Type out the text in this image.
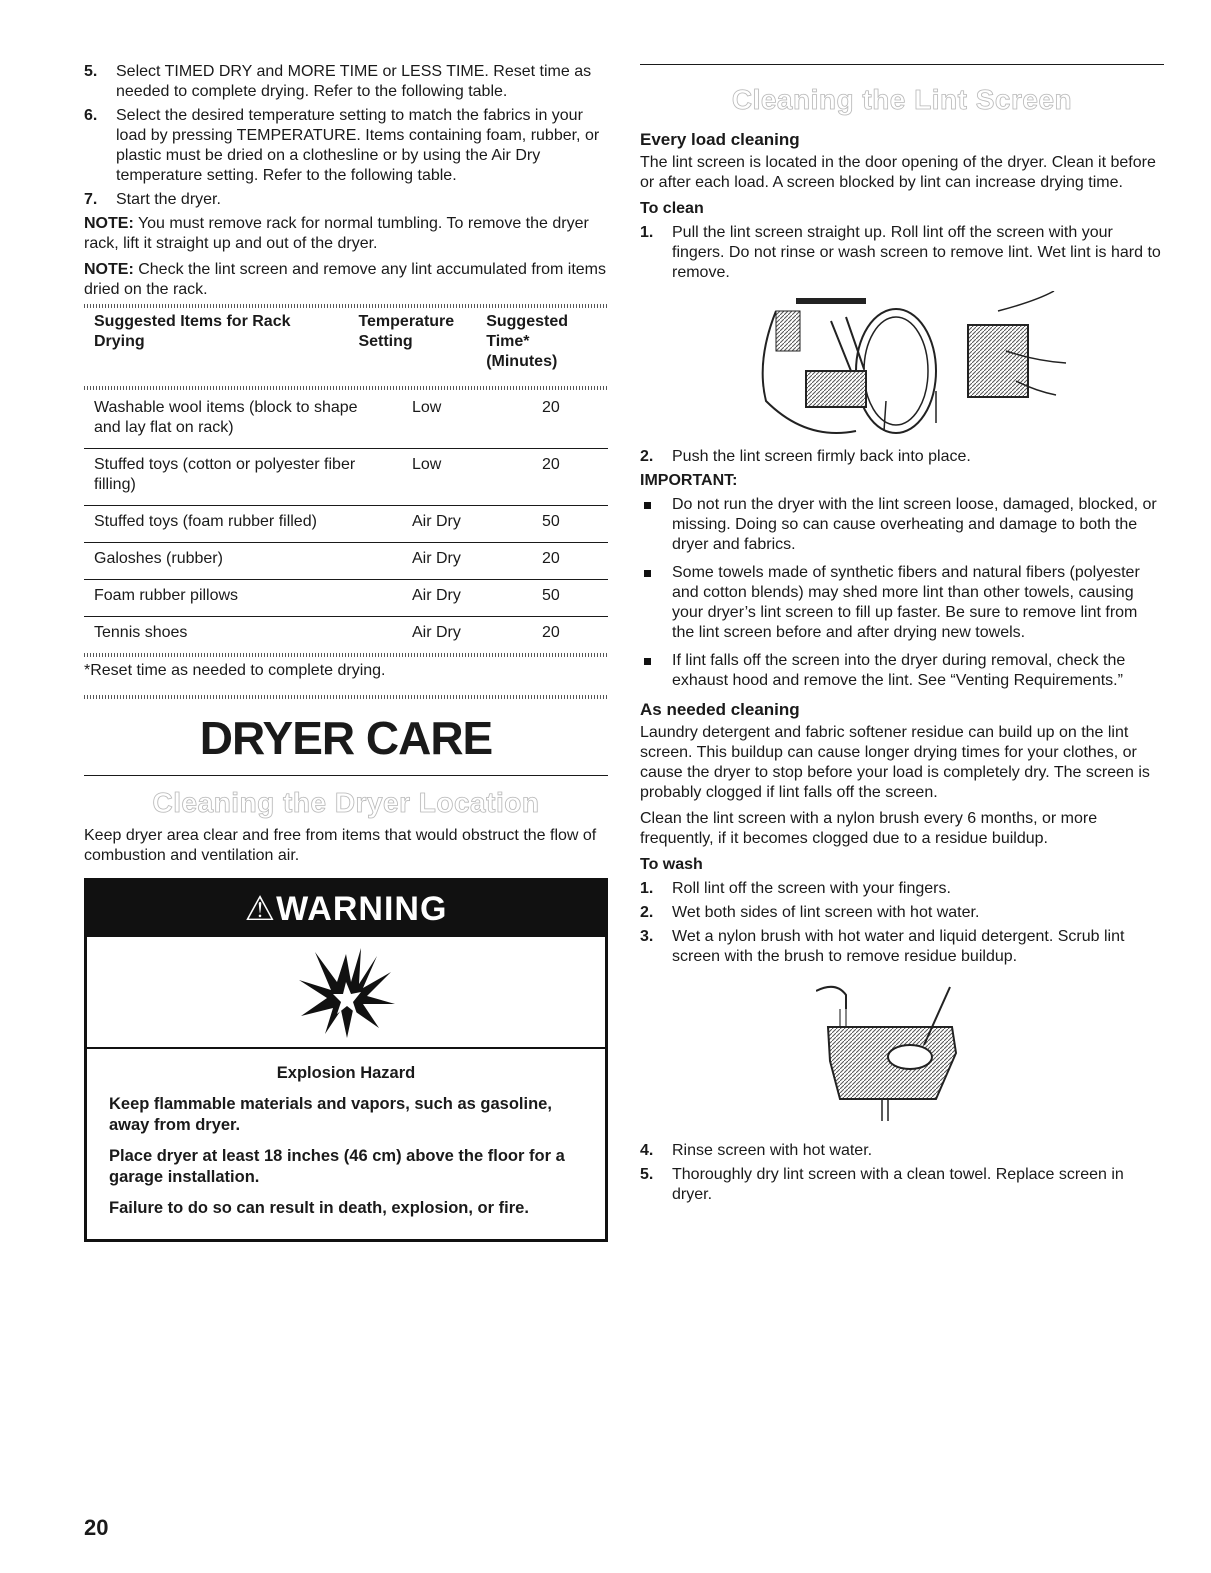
5. Select TIMED DRY and MORE TIME or LESS TIME. Reset time as needed to complete drying. Refer to the following table.
6. Select the desired temperature setting to match the fabrics in your load by pressing TEMPERATURE. Items containing foam, rubber, or plastic must be dried on a clothesline or by using the Air Dry temperature setting. Refer to the following table.
7. Start the dryer.

NOTE: You must remove rack for normal tumbling. To remove the dryer rack, lift it straight up and out of the dryer.

NOTE: Check the lint screen and remove any lint accumulated from items dried on the rack.

Suggested Items for Rack Drying	Temperature Setting	Suggested Time* (Minutes)
Washable wool items (block to shape and lay flat on rack)	Low	20
Stuffed toys (cotton or polyester fiber filling)	Low	20
Stuffed toys (foam rubber filled)	Air Dry	50
Galoshes (rubber)	Air Dry	20
Foam rubber pillows	Air Dry	50
Tennis shoes	Air Dry	20

*Reset time as needed to complete drying.

DRYER CARE
Cleaning the Dryer Location

Keep dryer area clear and free from items that would obstruct the flow of combustion and ventilation air.

⚠WARNING
Explosion Hazard

Keep flammable materials and vapors, such as gasoline, away from dryer.

Place dryer at least 18 inches (46 cm) above the floor for a garage installation.

Failure to do so can result in death, explosion, or fire.

Cleaning the Lint Screen
Every load cleaning

The lint screen is located in the door opening of the dryer. Clean it before or after each load. A screen blocked by lint can increase drying time.

To clean
1. Pull the lint screen straight up. Roll lint off the screen with your fingers. Do not rinse or wash screen to remove lint. Wet lint is hard to remove.
2. Push the lint screen firmly back into place.
IMPORTANT:
Do not run the dryer with the lint screen loose, damaged, blocked, or missing. Doing so can cause overheating and damage to both the dryer and fabrics.
Some towels made of synthetic fibers and natural fibers (polyester and cotton blends) may shed more lint than other towels, causing your dryer’s lint screen to fill up faster. Be sure to remove lint from the lint screen before and after drying new towels.
If lint falls off the screen into the dryer during removal, check the exhaust hood and remove the lint. See “Venting Requirements.”
As needed cleaning

Laundry detergent and fabric softener residue can build up on the lint screen. This buildup can cause longer drying times for your clothes, or cause the dryer to stop before your load is completely dry. The screen is probably clogged if lint falls off the screen.

Clean the lint screen with a nylon brush every 6 months, or more frequently, if it becomes clogged due to a residue buildup.

To wash
1. Roll lint off the screen with your fingers.
2. Wet both sides of lint screen with hot water.
3. Wet a nylon brush with hot water and liquid detergent. Scrub lint screen with the brush to remove residue buildup.
4. Rinse screen with hot water.
5. Thoroughly dry lint screen with a clean towel. Replace screen in dryer.
20
